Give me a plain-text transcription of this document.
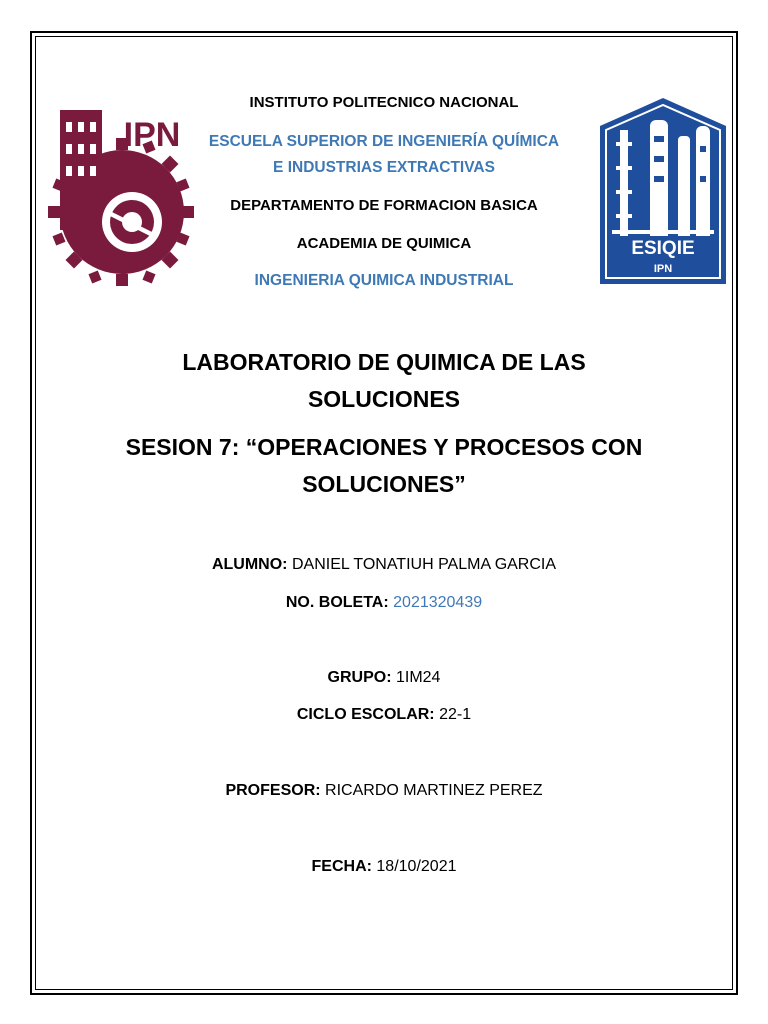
IPN
ESIQIE
IPN
INSTITUTO POLITECNICO NACIONAL
ESCUELA SUPERIOR DE INGENIERÍA QUÍMICA
E INDUSTRIAS EXTRACTIVAS
DEPARTAMENTO DE FORMACION BASICA
ACADEMIA DE QUIMICA
INGENIERIA QUIMICA INDUSTRIAL
LABORATORIO DE QUIMICA DE LAS
SOLUCIONES
SESION 7: “OPERACIONES Y PROCESOS CON
SOLUCIONES”
ALUMNO: DANIEL TONATIUH PALMA GARCIA
NO. BOLETA: 2021320439
GRUPO: 1IM24
CICLO ESCOLAR: 22-1
PROFESOR: RICARDO MARTINEZ PEREZ
FECHA: 18/10/2021
